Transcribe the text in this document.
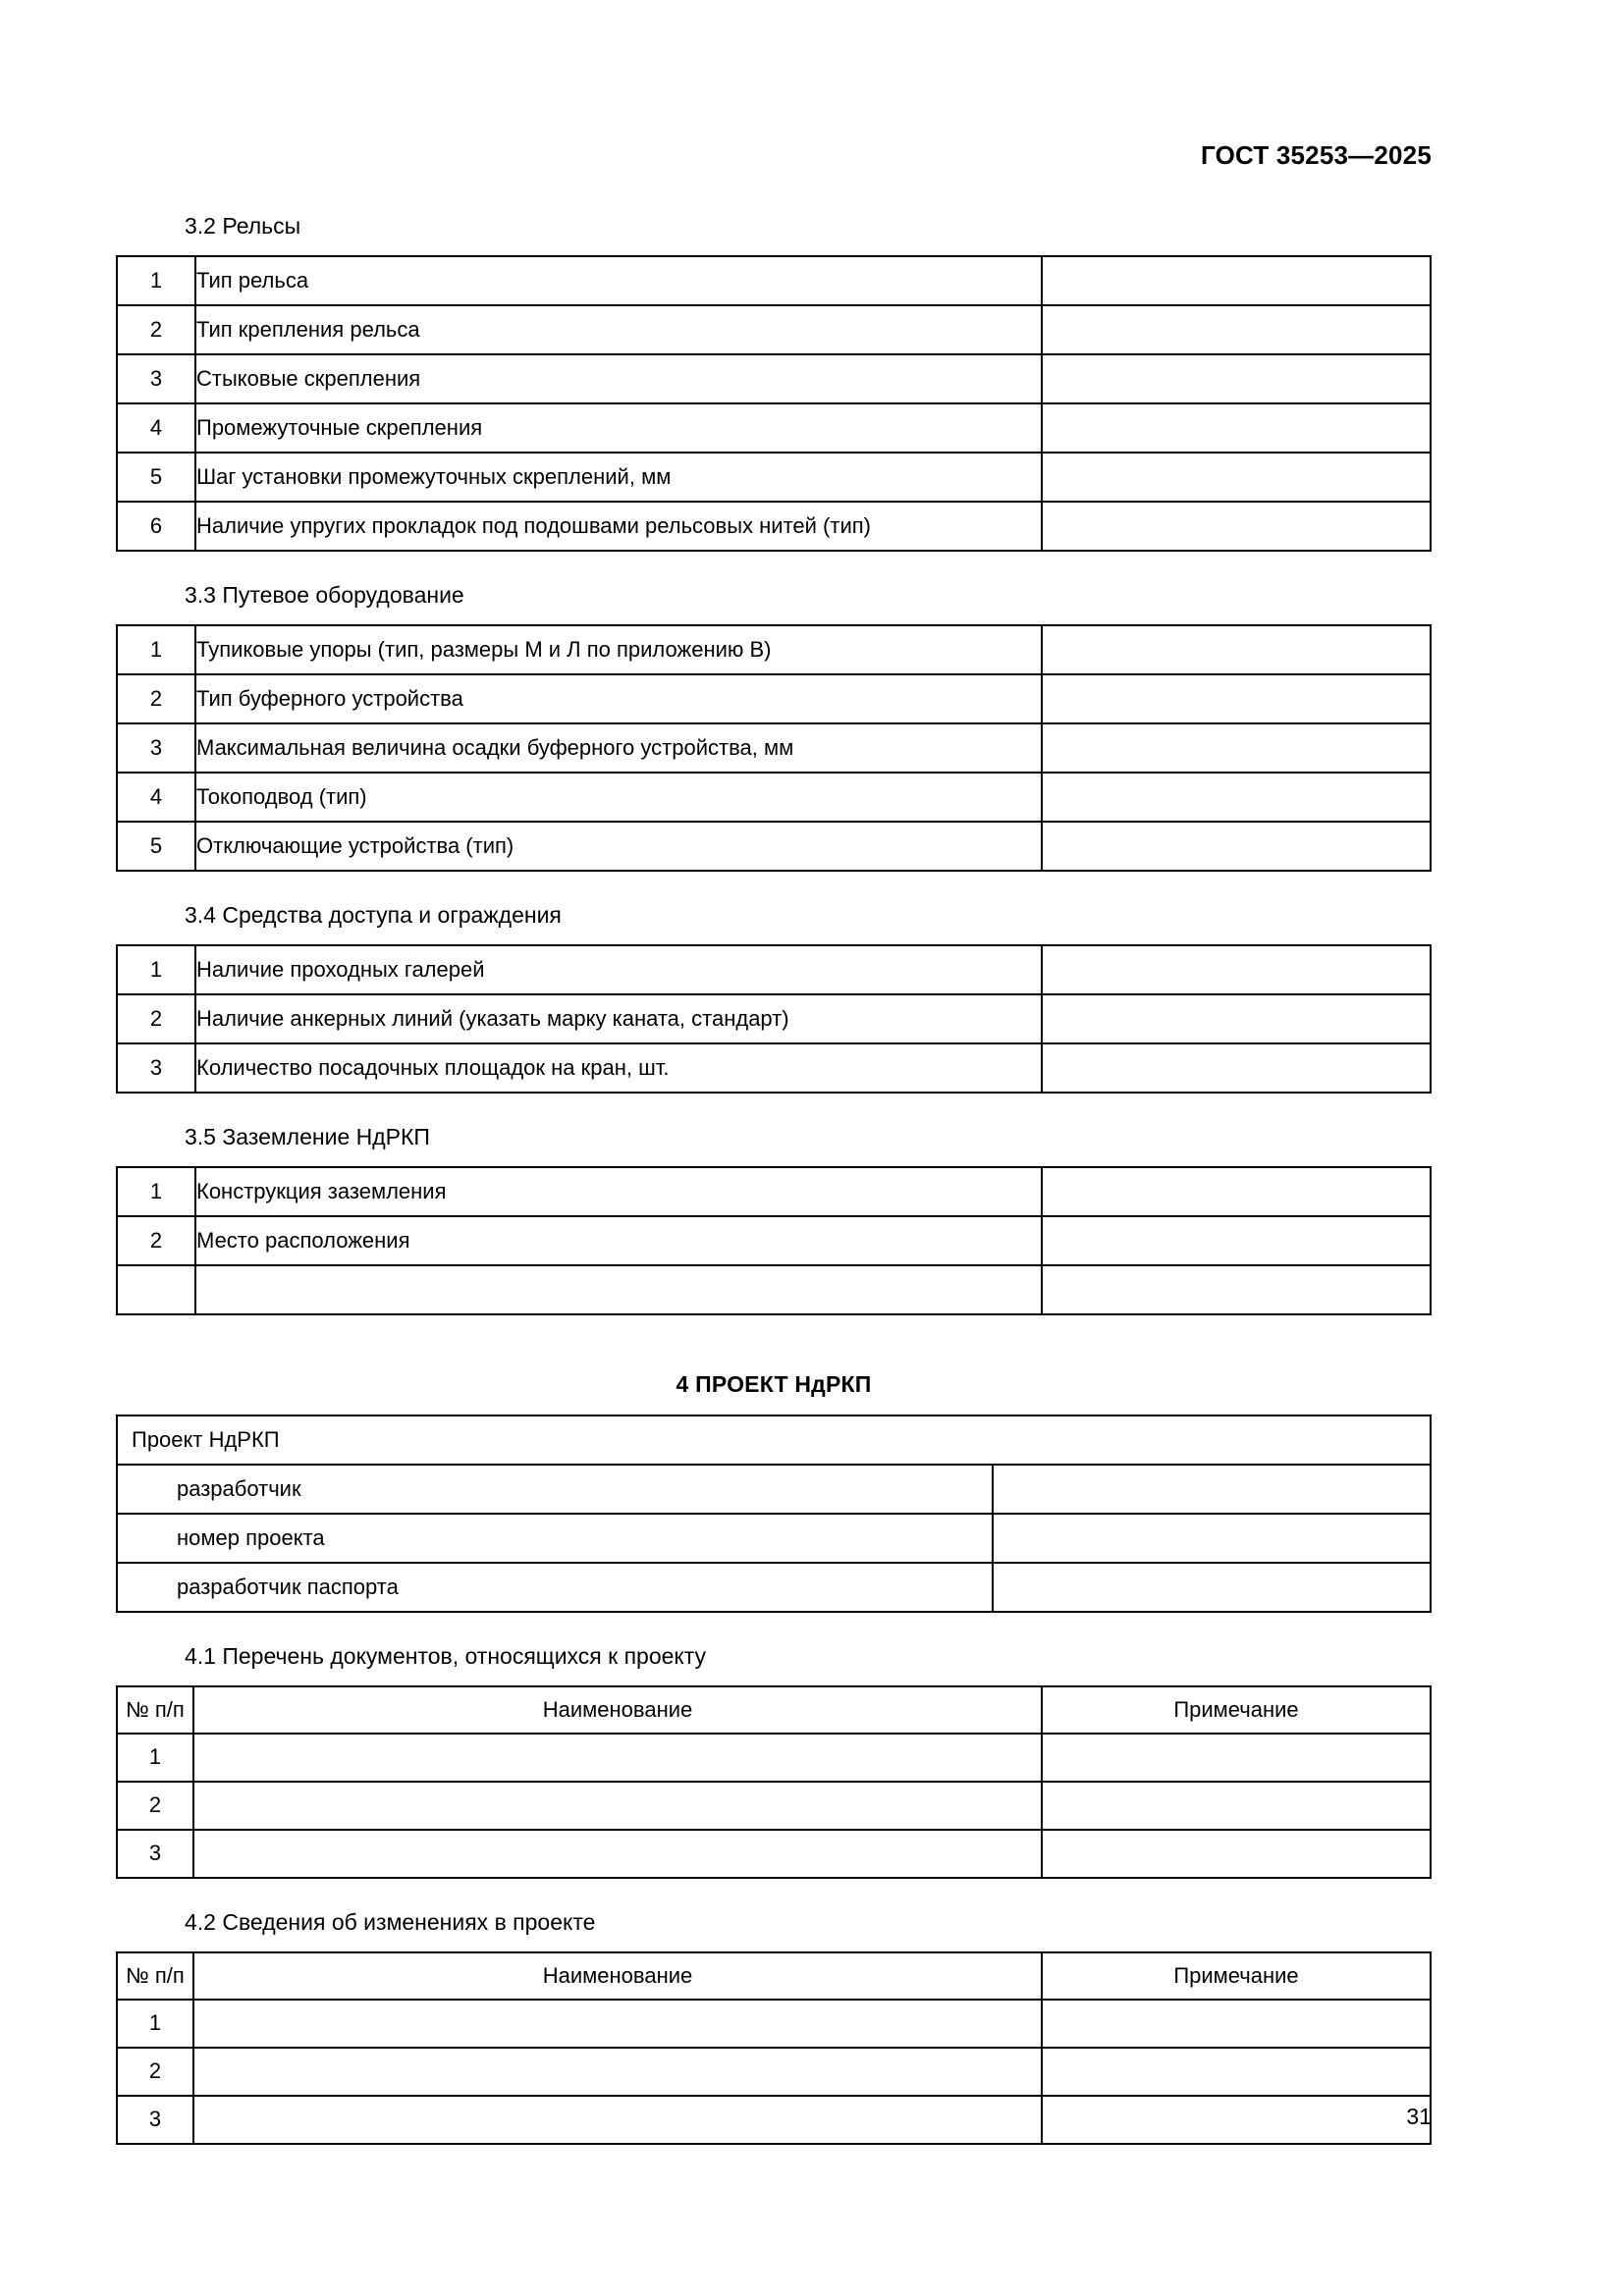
ГОСТ 35253—2025
3.2 Рельсы
1	Тип рельса	
2	Тип крепления рельса	
3	Стыковые скрепления	
4	Промежуточные скрепления	
5	Шаг установки промежуточных скреплений, мм	
6	Наличие упругих прокладок под подошвами рельсовых нитей (тип)	
3.3 Путевое оборудование
1	Тупиковые упоры (тип, размеры М и Л по приложению В)	
2	Тип буферного устройства	
3	Максимальная величина осадки буферного устройства, мм	
4	Токоподвод (тип)	
5	Отключающие устройства (тип)	
3.4 Средства доступа и ограждения
1	Наличие проходных галерей	
2	Наличие анкерных линий (указать марку каната, стандарт)	
3	Количество посадочных площадок на кран, шт.	
3.5 Заземление НдРКП
1	Конструкция заземления	
2	Место расположения	

4 ПРОЕКТ НдРКП
Проект НдРКП	
разработчик	
номер проекта	
разработчик паспорта	
4.1 Перечень документов, относящихся к проекту
№ п/п	Наименование	Примечание
1		
2		
3		
4.2 Сведения об изменениях в проекте
№ п/п	Наименование	Примечание
1		
2		
3			31
